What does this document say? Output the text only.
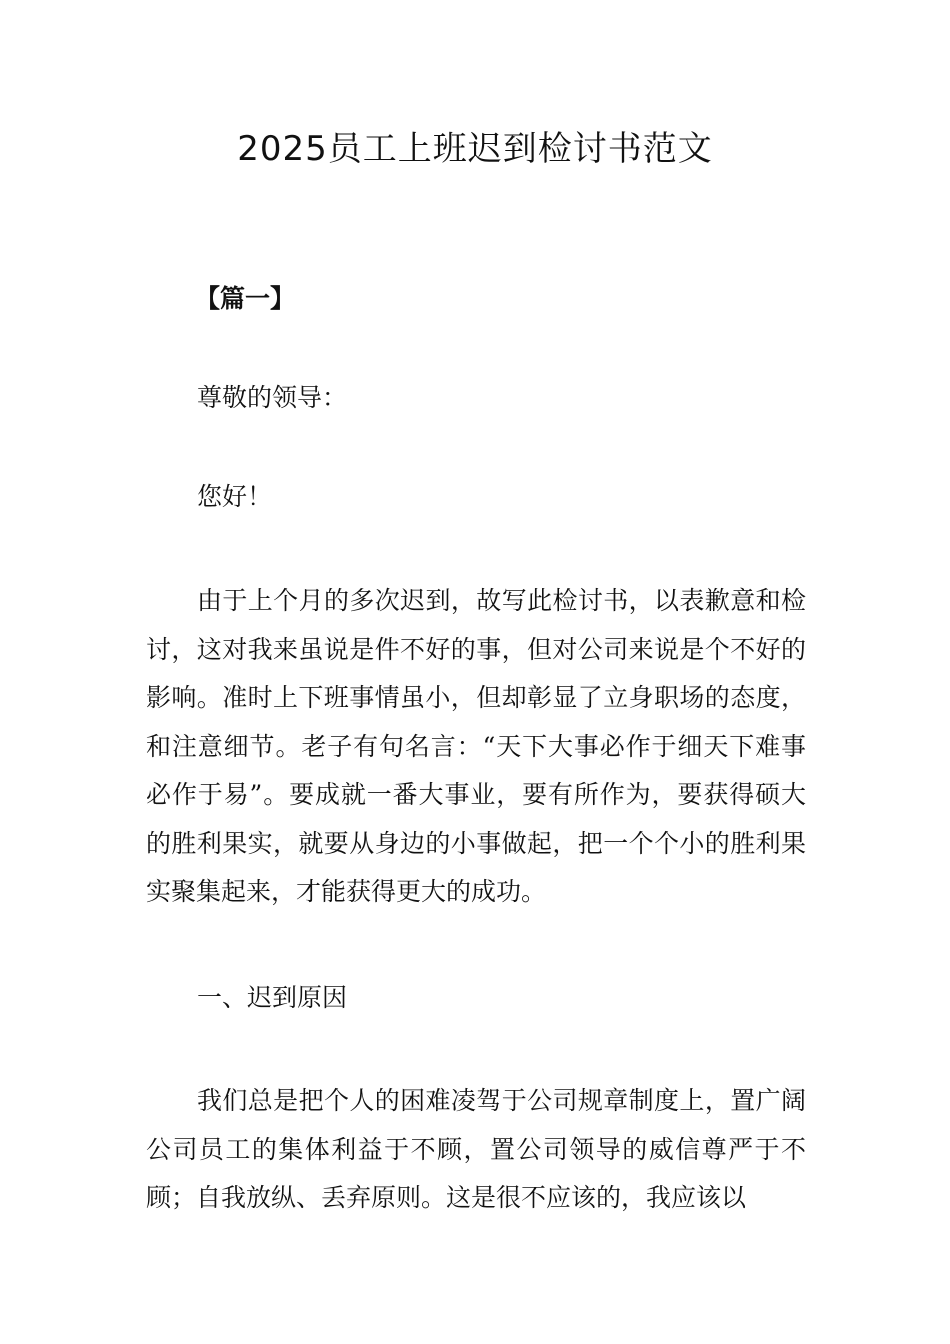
2025员工上班迟到检讨书范文
【篇一】
尊敬的领导：
您好！

由于上个月的多次迟到，故写此检讨书，以表歉意和检讨，这对我来虽说是件不好的事，但对公司来说是个不好的影响。准时上下班事情虽小，但却彰显了立身职场的态度，和注意细节。老子有句名言：“天下大事必作于细天下难事必作于易”。要成就一番大事业，要有所作为，要获得硕大的胜利果实，就要从身边的小事做起，把一个个小的胜利果实聚集起来，才能获得更大的成功。

一、迟到原因

我们总是把个人的困难凌驾于公司规章制度上，置广阔公司员工的集体利益于不顾，置公司领导的威信尊严于不顾；自我放纵、丢弃原则。这是很不应该的，我应该以
